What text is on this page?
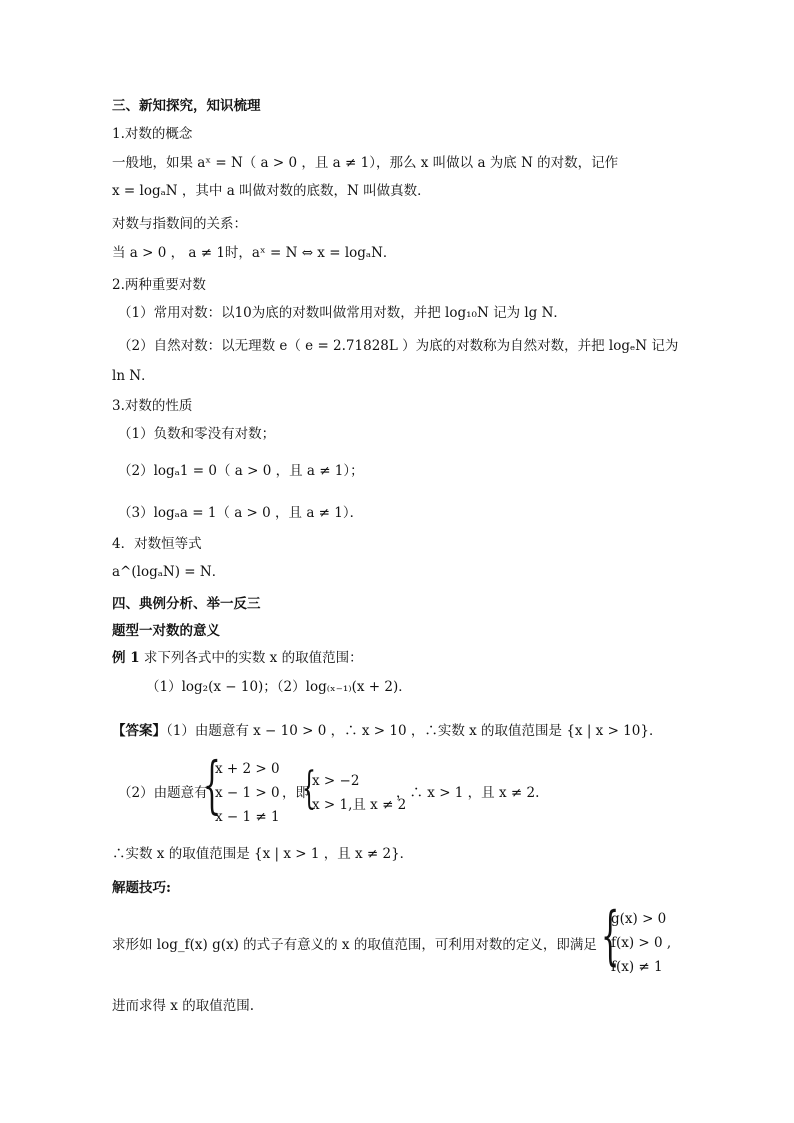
三、新知探究，知识梳理
1.对数的概念
一般地，如果 aˣ = N（ a > 0 ，且 a ≠ 1），那么 x 叫做以 a 为底 N 的对数，记作
x = logₐN ，其中 a 叫做对数的底数，N 叫做真数．
对数与指数间的关系：
当 a > 0 ， a ≠ 1时，aˣ = N ⇔ x = logₐN．
2.两种重要对数
（1）常用对数：以10为底的对数叫做常用对数，并把 log₁₀N 记为 lg N．
（2）自然对数：以无理数 e（ e = 2.71828L ）为底的对数称为自然对数，并把 logₑN 记为
ln N．
3.对数的性质
（1）负数和零没有对数；
（2）logₐ1 = 0（ a > 0 ，且 a ≠ 1）；
（3）logₐa = 1（ a > 0 ，且 a ≠ 1）．
4．对数恒等式
a^(logₐN) = N．
四、典例分析、举一反三
题型一对数的意义
例 1 求下列各式中的实数 x 的取值范围：
（1）log₂(x − 10)；（2）log₍ₓ₋₁₎(x + 2)．
【答案】（1）由题意有 x − 10 > 0 ，∴ x > 10 ，∴实数 x 的取值范围是 {x | x > 10}．
（2）由题意有
{
x + 2 > 0
x − 1 > 0
x − 1 ≠ 1
，即
{
x > −2
x > 1,且 x ≠ 2
，∴ x > 1 ，且 x ≠ 2.
∴实数 x 的取值范围是 {x | x > 1 ，且 x ≠ 2}．
解题技巧:
求形如 log_f(x) g(x) 的式子有意义的 x 的取值范围，可利用对数的定义，即满足 {
g(x) > 0
f(x) > 0 ,
f(x) ≠ 1
进而求得 x 的取值范围.
